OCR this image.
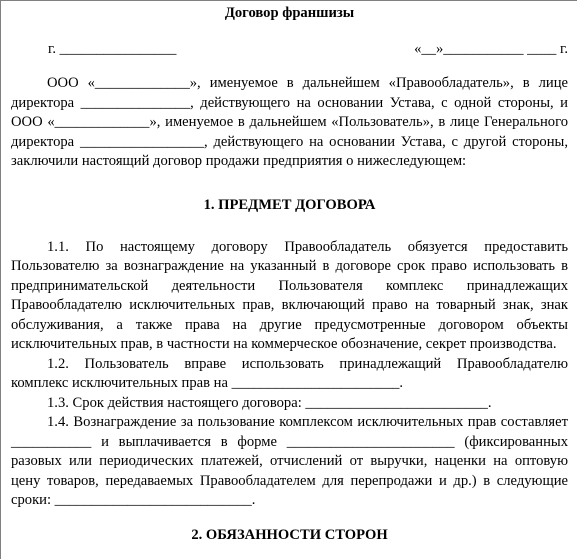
Договор франшизы
г. ________________	«__»___________ ____ г.

ООО «_____________», именуемое в дальнейшем «Правообладатель», в лице директора _______________, действующего на основании Устава, с одной стороны, и ООО «_____________», именуемое в дальнейшем «Пользователь», в лице Генерального директора _________________, действующего на основании Устава, с другой стороны, заключили настоящий договор продажи предприятия о нижеследующем:

1. ПРЕДМЕТ ДОГОВОРА

1.1. По настоящему договору Правообладатель обязуется предоставить Пользователю за вознаграждение на указанный в договоре срок право использовать в предпринимательской деятельности Пользователя комплекс принадлежащих Правообладателю исключительных прав, включающий право на товарный знак, знак обслуживания, а также права на другие предусмотренные договором объекты исключительных прав, в частности на коммерческое обозначение, секрет производства.

1.2. Пользователь вправе использовать принадлежащий Правообладателю комплекс исключительных прав на _______________________.

1.3. Срок действия настоящего договора: _________________________.

1.4. Вознаграждение за пользование комплексом исключительных прав составляет ___________ и выплачивается в форме _______________________ (фиксированных разовых или периодических платежей, отчислений от выручки, наценки на оптовую цену товаров, передаваемых Правообладателем для перепродажи и др.) в следующие сроки: ___________________________.

2. ОБЯЗАННОСТИ СТОРОН
